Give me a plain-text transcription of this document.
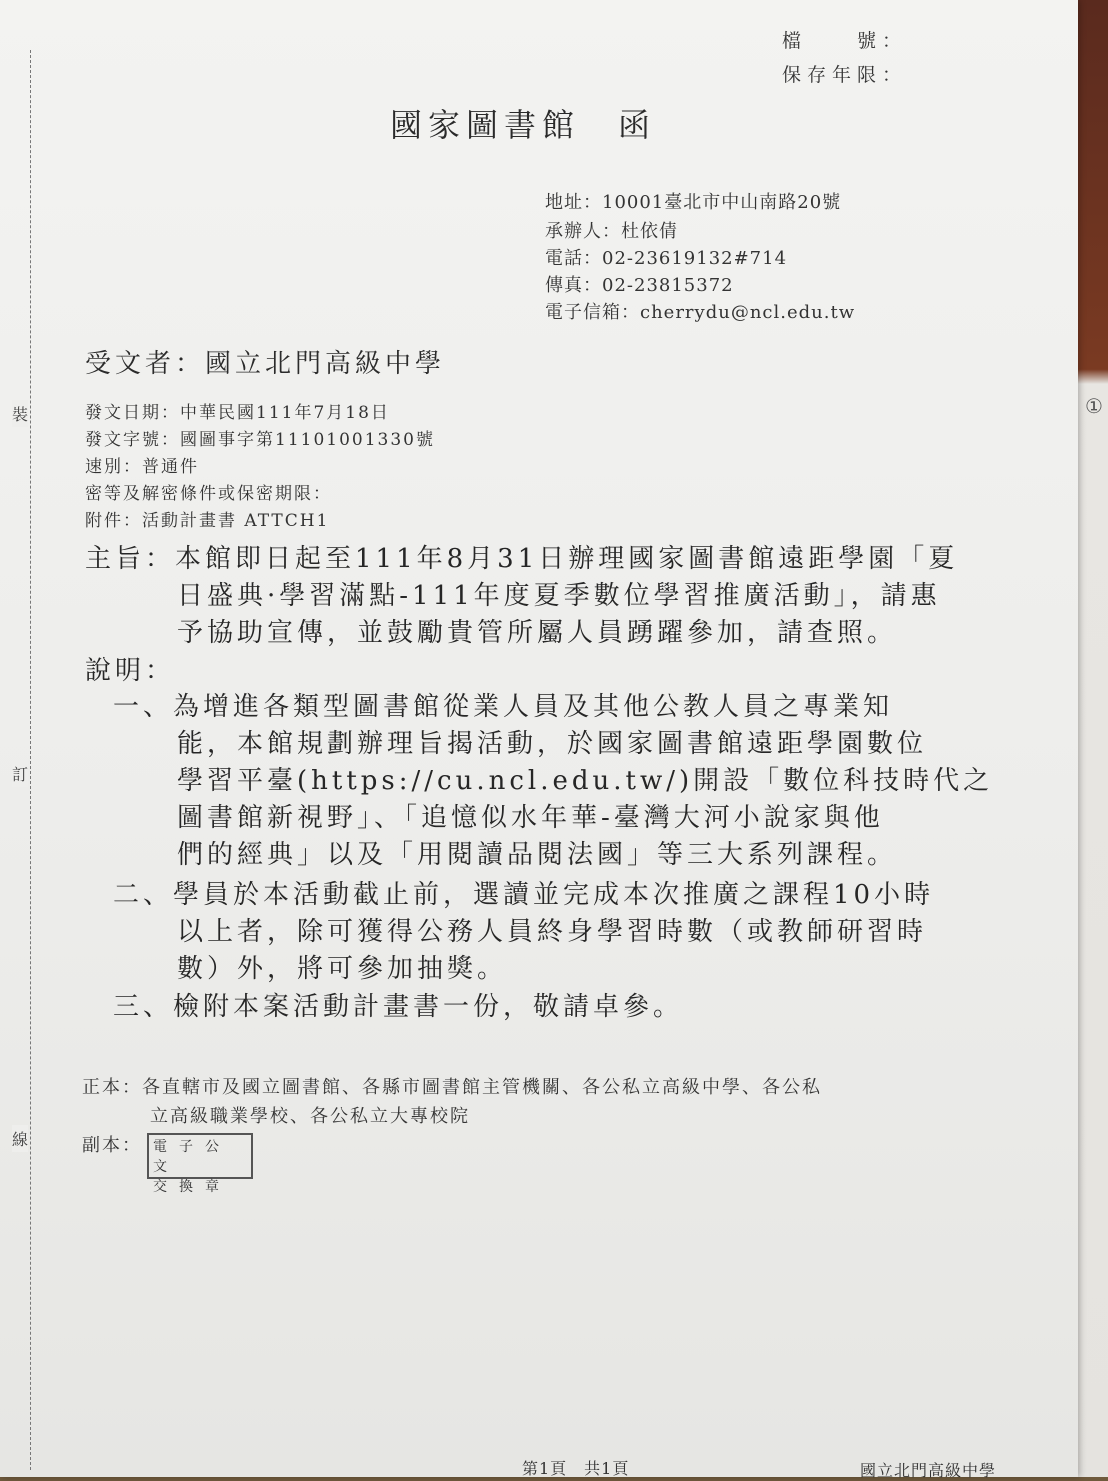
裝
訂
線
檔　　號：
保存年限：
國家圖書館　函
地址：10001臺北市中山南路20號
承辦人：杜依倩
電話：02-23619132#714
傳真：02-23815372
電子信箱：cherrydu@ncl.edu.tw
受文者：國立北門高級中學
發文日期：中華民國111年7月18日
發文字號：國圖事字第11101001330號
速別：普通件
密等及解密條件或保密期限：
附件：活動計畫書 ATTCH1
主旨：本館即日起至111年8月31日辦理國家圖書館遠距學園「夏
日盛典·學習滿點-111年度夏季數位學習推廣活動」，請惠
予協助宣傳，並鼓勵貴管所屬人員踴躍參加，請查照。
說明：
一、為增進各類型圖書館從業人員及其他公教人員之專業知
能，本館規劃辦理旨揭活動，於國家圖書館遠距學園數位
學習平臺(https://cu.ncl.edu.tw/)開設「數位科技時代之
圖書館新視野」、「追憶似水年華-臺灣大河小說家與他
們的經典」以及「用閱讀品閱法國」等三大系列課程。
二、學員於本活動截止前，選讀並完成本次推廣之課程10小時
以上者，除可獲得公務人員終身學習時數（或教師研習時
數）外，將可參加抽獎。
三、檢附本案活動計畫書一份，敬請卓參。
正本：各直轄市及國立圖書館、各縣市圖書館主管機關、各公私立高級中學、各公私
立高級職業學校、各公私立大專校院
副本： 電子公文
交換章
第1頁　共1頁	國立北門高級中學
①
